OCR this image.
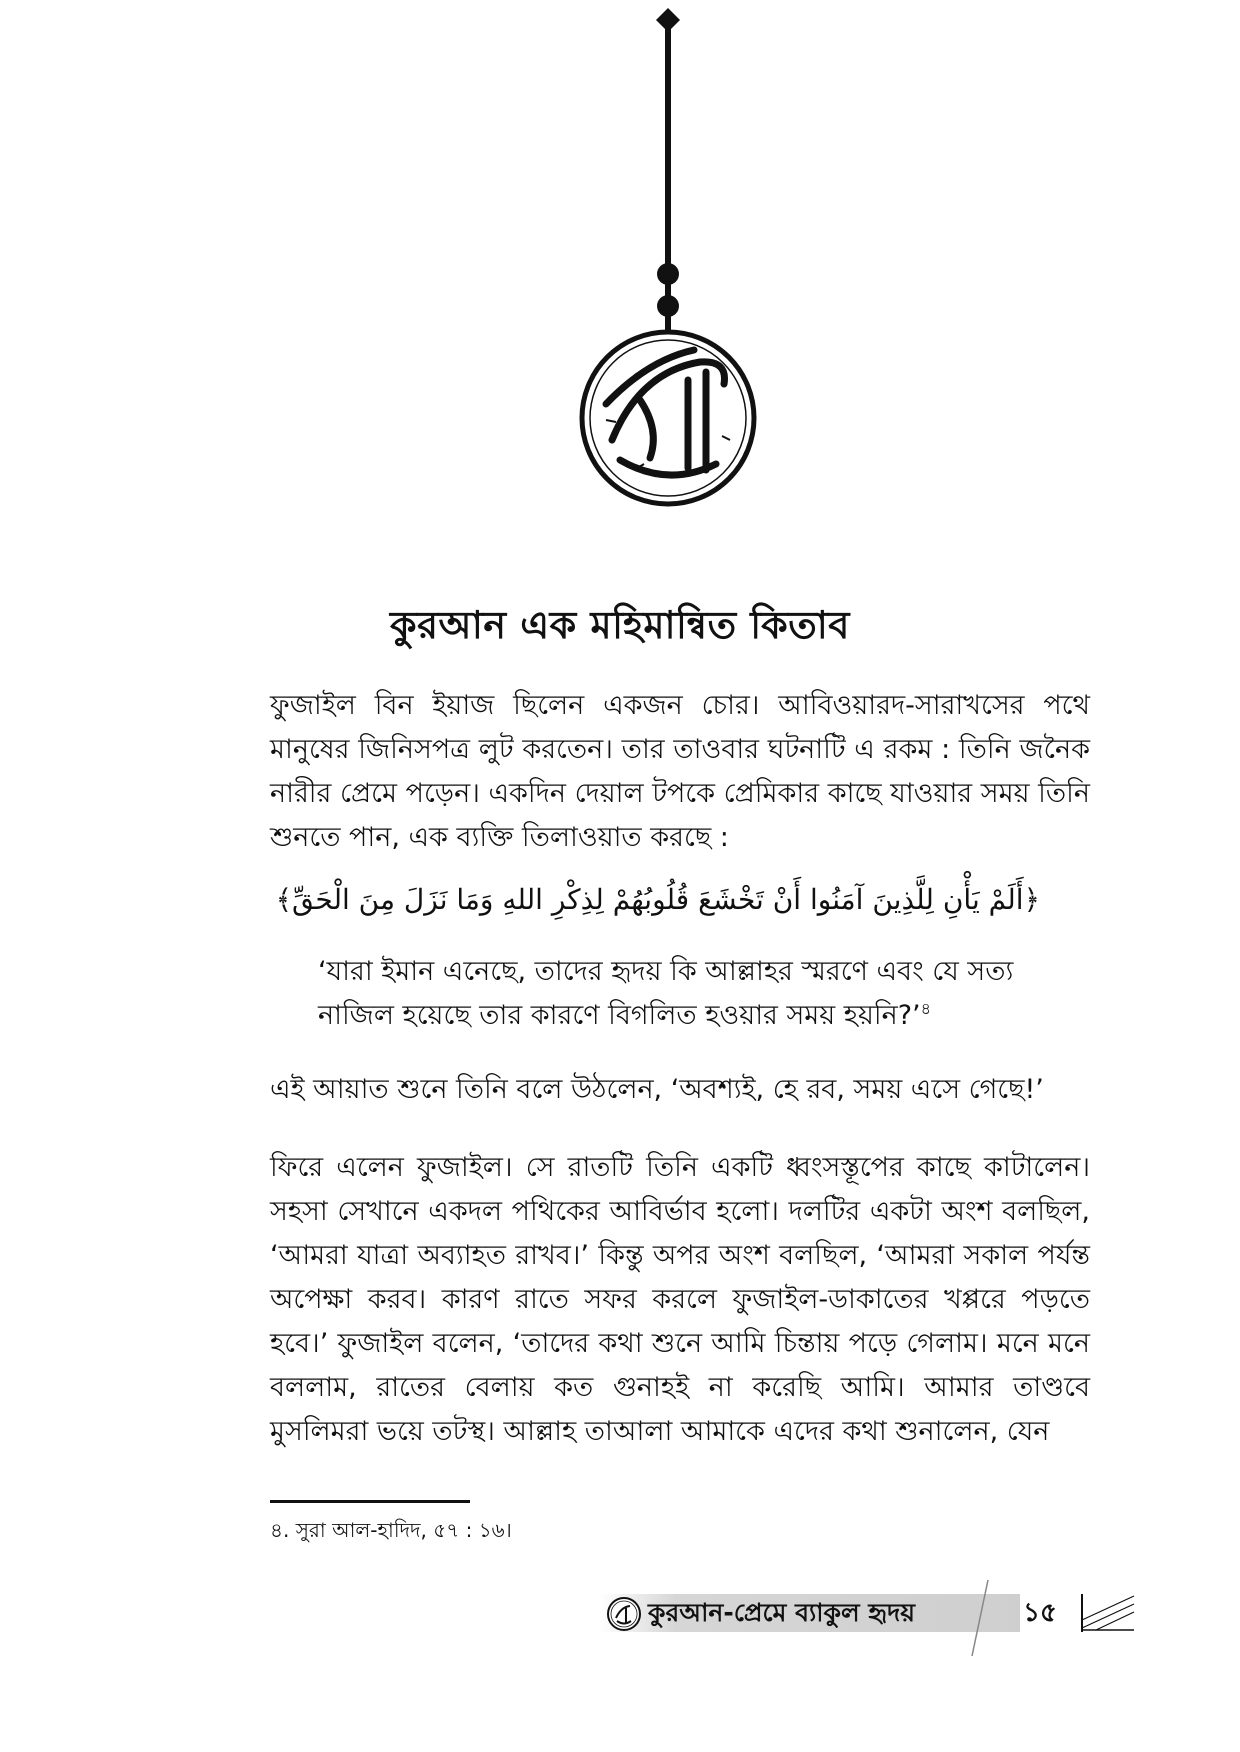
কুরআন এক মহিমান্বিত কিতাব

ফুজাইল বিন ইয়াজ ছিলেন একজন চোর। আবিওয়ারদ-সারাখসের পথে মানুষের জিনিসপত্র লুট করতেন। তার তাওবার ঘটনাটি এ রকম : তিনি জনৈক নারীর প্রেমে পড়েন। একদিন দেয়াল টপকে প্রেমিকার কাছে যাওয়ার সময় তিনি শুনতে পান, এক ব্যক্তি তিলাওয়াত করছে :

﴿أَلَمْ يَأْنِ لِلَّذِينَ آمَنُوا أَنْ تَخْشَعَ قُلُوبُهُمْ لِذِكْرِ اللهِ وَمَا نَزَلَ مِنَ الْحَقِّ﴾

‘যারা ইমান এনেছে, তাদের হৃদয় কি আল্লাহর স্মরণে এবং যে সত্য নাজিল হয়েছে তার কারণে বিগলিত হওয়ার সময় হয়নি?’$^৪$

এই আয়াত শুনে তিনি বলে উঠলেন, ‘অবশ্যই, হে রব, সময় এসে গেছে!’

ফিরে এলেন ফুজাইল। সে রাতটি তিনি একটি ধ্বংসস্তূপের কাছে কাটালেন। সহসা সেখানে একদল পথিকের আবির্ভাব হলো। দলটির একটা অংশ বলছিল, ‘আমরা যাত্রা অব্যাহত রাখব।’ কিন্তু অপর অংশ বলছিল, ‘আমরা সকাল পর্যন্ত অপেক্ষা করব। কারণ রাতে সফর করলে ফুজাইল-ডাকাতের খপ্পরে পড়তে হবে।’ ফুজাইল বলেন, ‘তাদের কথা শুনে আমি চিন্তায় পড়ে গেলাম। মনে মনে বললাম, রাতের বেলায় কত গুনাহই না করেছি আমি। আমার তাণ্ডবে মুসলিমরা ভয়ে তটস্থ। আল্লাহ তাআলা আমাকে এদের কথা শুনালেন, যেন

৪. সুরা আল-হাদিদ, ৫৭ : ১৬।
কুরআন-প্রেমে ব্যাকুল হৃদয়	১৫
